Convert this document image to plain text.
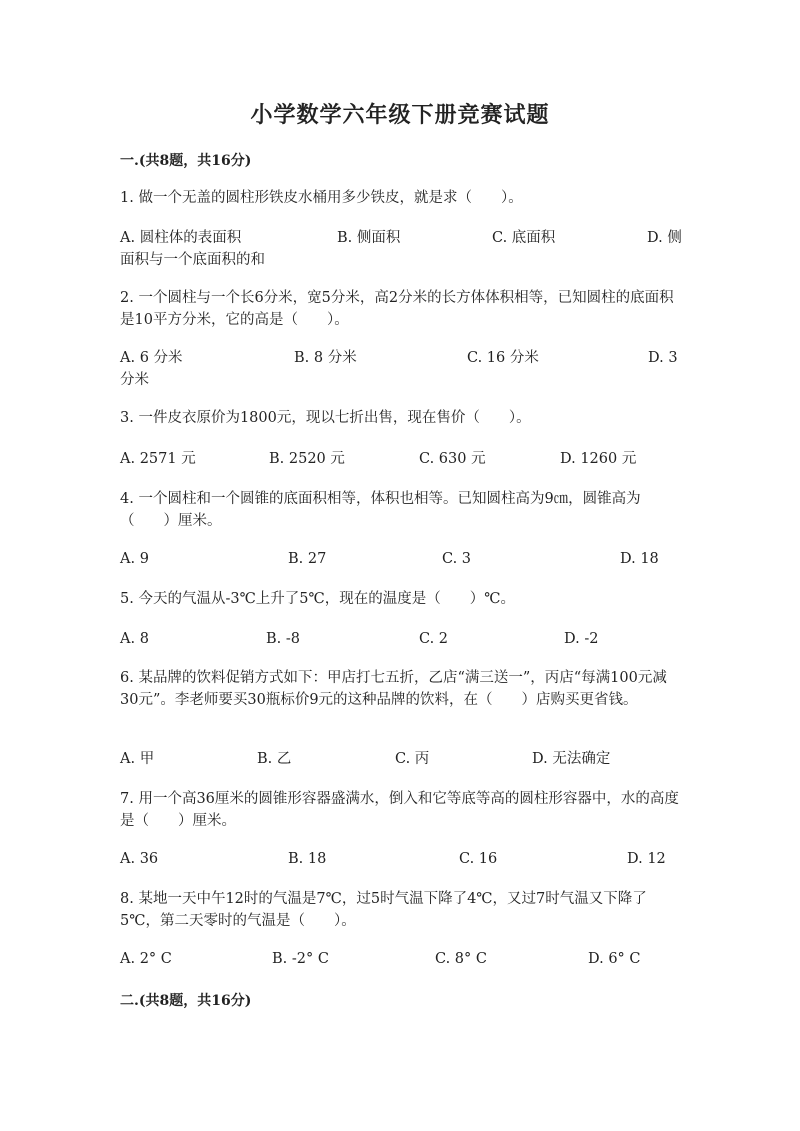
小学数学六年级下册竞赛试题
一.(共8题，共16分)
1. 做一个无盖的圆柱形铁皮水桶用多少铁皮，就是求（　　）。
A. 圆柱体的表面积	B. 侧面积	C. 底面积	D. 侧
面积与一个底面积的和
2. 一个圆柱与一个长6分米，宽5分米，高2分米的长方体体积相等，已知圆柱的底面积是10平方分米，它的高是（　　）。
A. 6 分米	B. 8 分米	C. 16 分米	D. 3
分米
3. 一件皮衣原价为1800元，现以七折出售，现在售价（　　）。
A. 2571 元	B. 2520 元	C. 630 元	D. 1260 元
4. 一个圆柱和一个圆锥的底面积相等，体积也相等。已知圆柱高为9㎝，圆锥高为（　　）厘米。
A. 9	B. 27	C. 3	D. 18
5. 今天的气温从-3℃上升了5℃，现在的温度是（　　）℃。
A. 8	B. -8	C. 2	D. -2
6. 某品牌的饮料促销方式如下：甲店打七五折，乙店“满三送一”，丙店“每满100元减30元”。李老师要买30瓶标价9元的这种品牌的饮料，在（　　）店购买更省钱。
A. 甲	B. 乙	C. 丙	D. 无法确定
7. 用一个高36厘米的圆锥形容器盛满水，倒入和它等底等高的圆柱形容器中，水的高度是（　　）厘米。
A. 36	B. 18	C. 16	D. 12
8. 某地一天中午12时的气温是7℃，过5时气温下降了4℃，又过7时气温又下降了5℃，第二天零时的气温是（　　）。
A. 2° C	B. -2° C	C. 8° C	D. 6° C
二.(共8题，共16分)
